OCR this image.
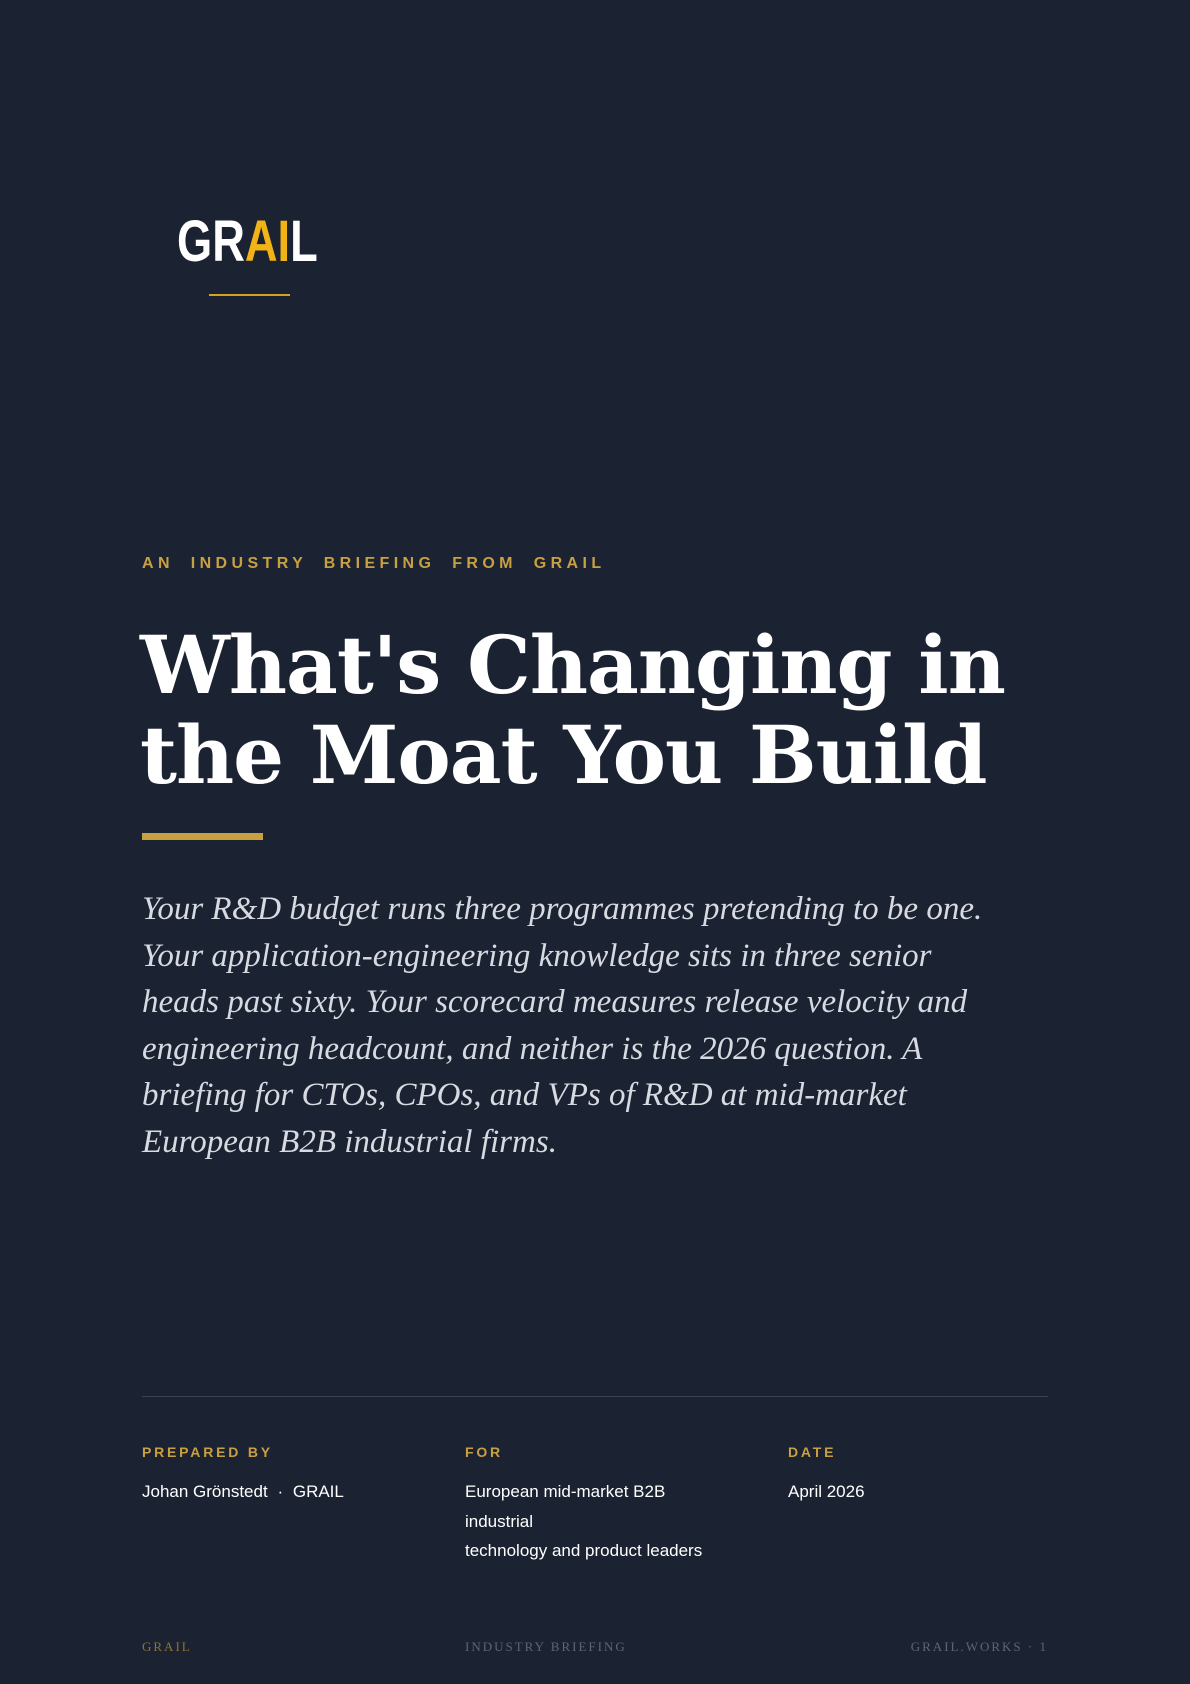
GRAIL
AN INDUSTRY BRIEFING FROM GRAIL
What's Changing in the Moat You Build

Your R&D budget runs three programmes pretending to be one. Your application-engineering knowledge sits in three senior heads past sixty. Your scorecard measures release velocity and engineering headcount, and neither is the 2026 question. A briefing for CTOs, CPOs, and VPs of R&D at mid-market European B2B industrial firms.

PREPARED BY
Johan Grönstedt · GRAIL
FOR
European mid-market B2B
industrial
technology and product leaders
DATE
April 2026
GRAIL	INDUSTRY BRIEFING	GRAIL.WORKS · 1
